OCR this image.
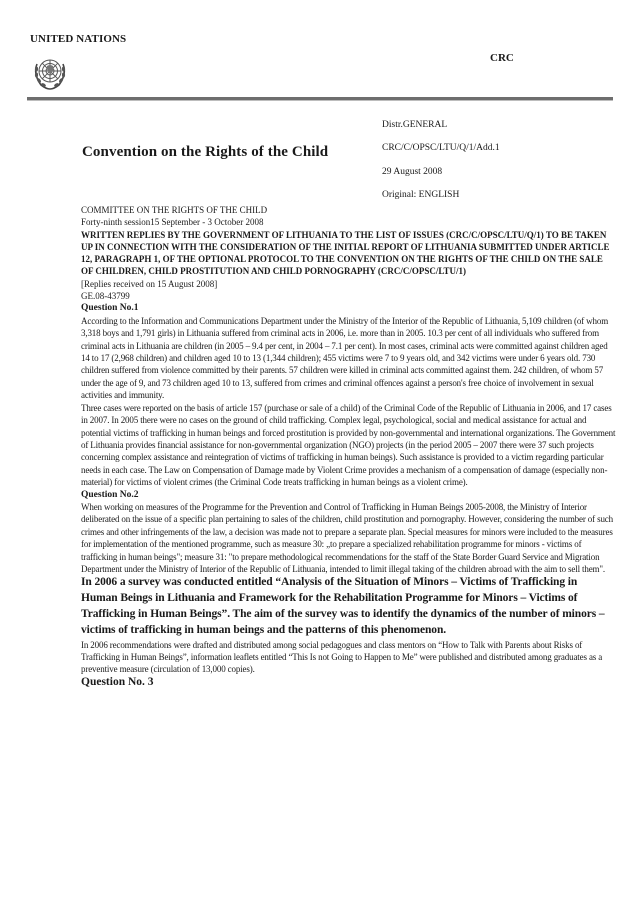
UNITED NATIONS
CRC
Convention on the Rights of the Child
Distr.GENERAL
CRC/C/OPSC/LTU/Q/1/Add.1
29 August 2008
Original: ENGLISH

COMMITTEE ON THE RIGHTS OF THE CHILD

Forty-ninth session15 September - 3 October 2008

WRITTEN REPLIES BY THE GOVERNMENT OF LITHUANIA TO THE LIST OF ISSUES (CRC/C/OPSC/LTU/Q/1) TO BE TAKEN UP IN CONNECTION WITH THE CONSIDERATION OF THE INITIAL REPORT OF LITHUANIA SUBMITTED UNDER ARTICLE 12, PARAGRAPH 1, OF THE OPTIONAL PROTOCOL TO THE CONVENTION ON THE RIGHTS OF THE CHILD ON THE SALE OF CHILDREN, CHILD PROSTITUTION AND CHILD PORNOGRAPHY (CRC/C/OPSC/LTU/1)

[Replies received on 15 August 2008]

GE.08-43799

Question No.1

According to the Information and Communications Department under the Ministry of the Interior of the Republic of Lithuania, 5,109 children (of whom 3,318 boys and 1,791 girls) in Lithuania suffered from criminal acts in 2006, i.e. more than in 2005. 10.3 per cent of all individuals who suffered from criminal acts in Lithuania are children (in 2005 – 9.4 per cent, in 2004 – 7.1 per cent). In most cases, criminal acts were committed against children aged 14 to 17 (2,968 children) and children aged 10 to 13 (1,344 children); 455 victims were 7 to 9 years old, and 342 victims were under 6 years old. 730 children suffered from violence committed by their parents. 57 children were killed in criminal acts committed against them. 242 children, of whom 57 under the age of 9, and 73 children aged 10 to 13, suffered from crimes and criminal offences against a person's free choice of involvement in sexual activities and immunity.

Three cases were reported on the basis of article 157 (purchase or sale of a child) of the Criminal Code of the Republic of Lithuania in 2006, and 17 cases in 2007. In 2005 there were no cases on the ground of child trafficking. Complex legal, psychological, social and medical assistance for actual and potential victims of trafficking in human beings and forced prostitution is provided by non-governmental and international organizations. The Government of Lithuania provides financial assistance for non-governmental organization (NGO) projects (in the period 2005 – 2007 there were 37 such projects concerning complex assistance and reintegration of victims of trafficking in human beings). Such assistance is provided to a victim regarding particular needs in each case. The Law on Compensation of Damage made by Violent Crime provides a mechanism of a compensation of damage (especially non-material) for victims of violent crimes (the Criminal Code treats trafficking in human beings as a violent crime).

Question No.2

When working on measures of the Programme for the Prevention and Control of Trafficking in Human Beings 2005-2008, the Ministry of Interior deliberated on the issue of a specific plan pertaining to sales of the children, child prostitution and pornography. However, considering the number of such crimes and other infringements of the law, a decision was made not to prepare a separate plan. Special measures for minors were included to the measures for implementation of the mentioned programme, such as measure 30: „to prepare a specialized rehabilitation programme for minors - victims of trafficking in human beings"; measure 31: "to prepare methodological recommendations for the staff of the State Border Guard Service and Migration Department under the Ministry of Interior of the Republic of Lithuania, intended to limit illegal taking of the children abroad with the aim to sell them".

In 2006 a survey was conducted entitled “Analysis of the Situation of Minors – Victims of Trafficking in Human Beings in Lithuania and Framework for the Rehabilitation Programme for Minors – Victims of Trafficking in Human Beings”. The aim of the survey was to identify the dynamics of the number of minors – victims of trafficking in human beings and the patterns of this phenomenon.

In 2006 recommendations were drafted and distributed among social pedagogues and class mentors on “How to Talk with Parents about Risks of Trafficking in Human Beings”, information leaflets entitled “This Is not Going to Happen to Me” were published and distributed among graduates as a preventive measure (circulation of 13,000 copies).

Question No. 3
